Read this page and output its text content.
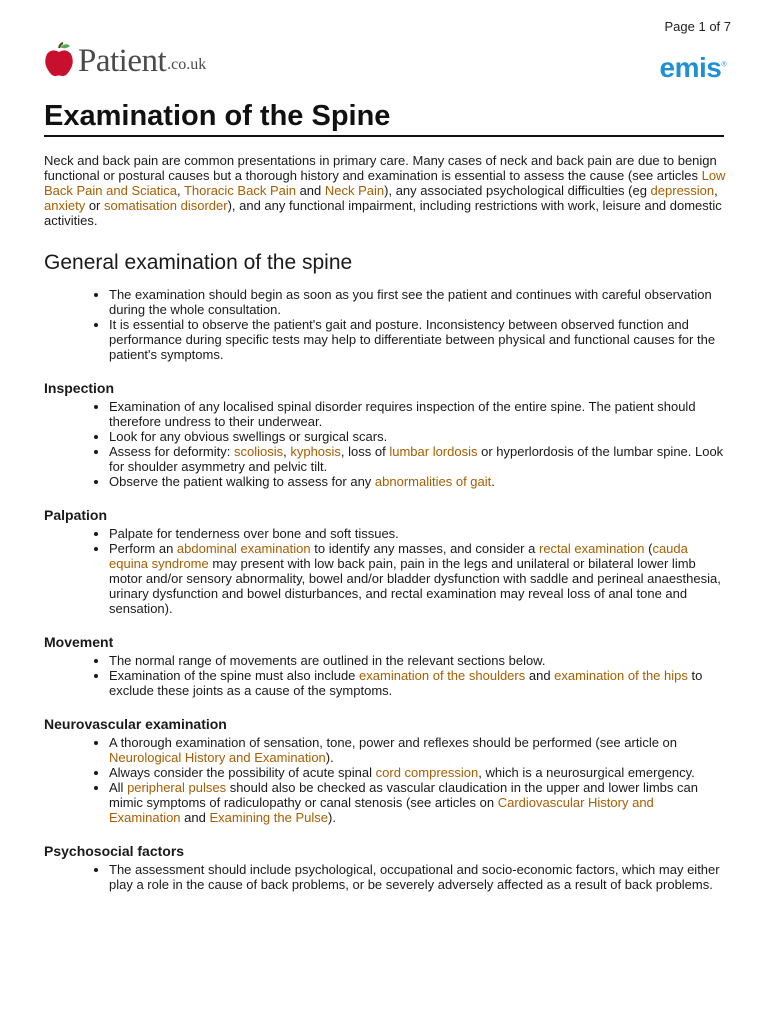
Page 1 of 7
Patient .co.uk	emis®
Examination of the Spine

Neck and back pain are common presentations in primary care. Many cases of neck and back pain are due to benign functional or postural causes but a thorough history and examination is essential to assess the cause (see articles Low Back Pain and Sciatica, Thoracic Back Pain and Neck Pain), any associated psychological difficulties (eg depression, anxiety or somatisation disorder), and any functional impairment, including restrictions with work, leisure and domestic activities.

General examination of the spine
• The examination should begin as soon as you first see the patient and continues with careful observation during the whole consultation.
• It is essential to observe the patient's gait and posture. Inconsistency between observed function and performance during specific tests may help to differentiate between physical and functional causes for the patient's symptoms.
Inspection
• Examination of any localised spinal disorder requires inspection of the entire spine. The patient should therefore undress to their underwear.
• Look for any obvious swellings or surgical scars.
• Assess for deformity: scoliosis, kyphosis, loss of lumbar lordosis or hyperlordosis of the lumbar spine. Look for shoulder asymmetry and pelvic tilt.
• Observe the patient walking to assess for any abnormalities of gait.
Palpation
• Palpate for tenderness over bone and soft tissues.
• Perform an abdominal examination to identify any masses, and consider a rectal examination (cauda equina syndrome may present with low back pain, pain in the legs and unilateral or bilateral lower limb motor and/or sensory abnormality, bowel and/or bladder dysfunction with saddle and perineal anaesthesia, urinary dysfunction and bowel disturbances, and rectal examination may reveal loss of anal tone and sensation).
Movement
• The normal range of movements are outlined in the relevant sections below.
• Examination of the spine must also include examination of the shoulders and examination of the hips to exclude these joints as a cause of the symptoms.
Neurovascular examination
• A thorough examination of sensation, tone, power and reflexes should be performed (see article on Neurological History and Examination).
• Always consider the possibility of acute spinal cord compression, which is a neurosurgical emergency.
• All peripheral pulses should also be checked as vascular claudication in the upper and lower limbs can mimic symptoms of radiculopathy or canal stenosis (see articles on Cardiovascular History and Examination and Examining the Pulse).
Psychosocial factors
• The assessment should include psychological, occupational and socio-economic factors, which may either play a role in the cause of back problems, or be severely adversely affected as a result of back problems.
